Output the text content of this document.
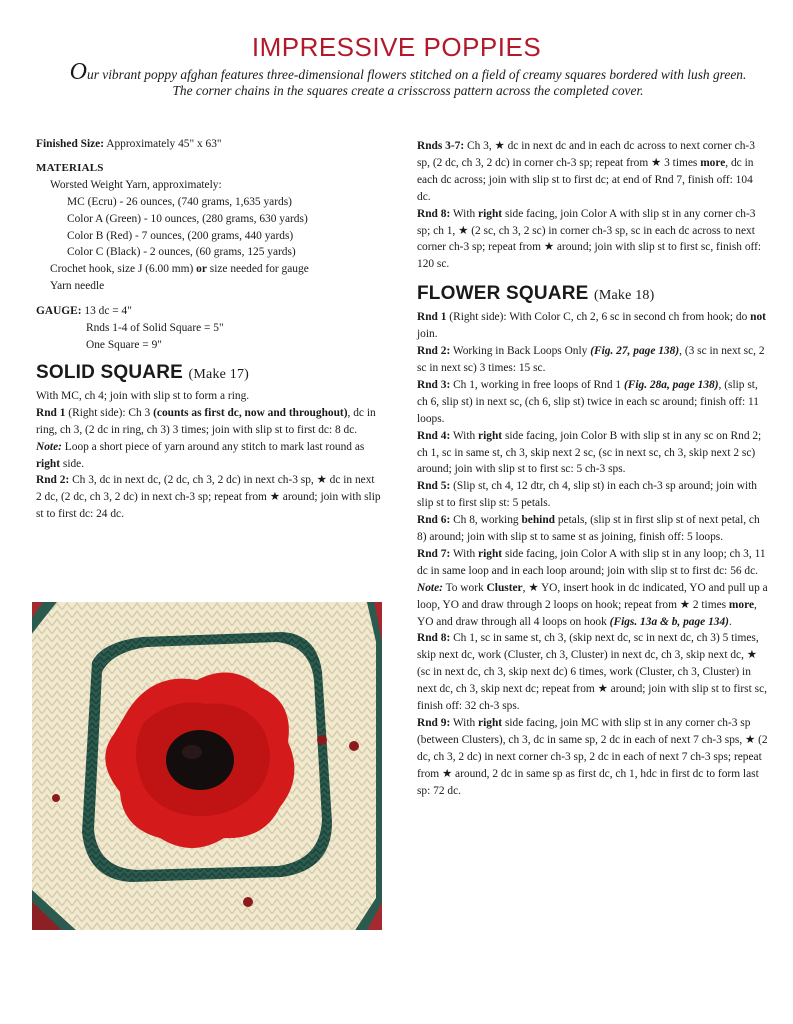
IMPRESSIVE POPPIES
Our vibrant poppy afghan features three-dimensional flowers stitched on a field of creamy squares bordered with lush green. The corner chains in the squares create a crisscross pattern across the completed cover.

Finished Size: Approximately 45" x 63"

MATERIALS

Worsted Weight Yarn, approximately:

MC (Ecru) - 26 ounces, (740 grams, 1,635 yards)

Color A (Green) - 10 ounces, (280 grams, 630 yards)

Color B (Red) - 7 ounces, (200 grams, 440 yards)

Color C (Black) - 2 ounces, (60 grams, 125 yards)

Crochet hook, size J (6.00 mm) or size needed for gauge

Yarn needle

GAUGE: 13 dc = 4"

Rnds 1-4 of Solid Square = 5"

One Square = 9"

SOLID SQUARE (Make 17)

With MC, ch 4; join with slip st to form a ring.

Rnd 1 (Right side): Ch 3 (counts as first dc, now and throughout), dc in ring, ch 3, (2 dc in ring, ch 3) 3 times; join with slip st to first dc: 8 dc.

Note: Loop a short piece of yarn around any stitch to mark last round as right side.

Rnd 2: Ch 3, dc in next dc, (2 dc, ch 3, 2 dc) in next ch-3 sp, ★ dc in next 2 dc, (2 dc, ch 3, 2 dc) in next ch-3 sp; repeat from ★ around; join with slip st to first dc: 24 dc.

Rnds 3-7: Ch 3, ★ dc in next dc and in each dc across to next corner ch-3 sp, (2 dc, ch 3, 2 dc) in corner ch-3 sp; repeat from ★ 3 times more, dc in each dc across; join with slip st to first dc; at end of Rnd 7, finish off: 104 dc.

Rnd 8: With right side facing, join Color A with slip st in any corner ch-3 sp; ch 1, ★ (2 sc, ch 3, 2 sc) in corner ch-3 sp, sc in each dc across to next corner ch-3 sp; repeat from ★ around; join with slip st to first sc, finish off: 120 sc.

FLOWER SQUARE (Make 18)

Rnd 1 (Right side): With Color C, ch 2, 6 sc in second ch from hook; do not join.

Rnd 2: Working in Back Loops Only (Fig. 27, page 138), (3 sc in next sc, 2 sc in next sc) 3 times: 15 sc.

Rnd 3: Ch 1, working in free loops of Rnd 1 (Fig. 28a, page 138), (slip st, ch 6, slip st) in next sc, (ch 6, slip st) twice in each sc around; finish off: 11 loops.

Rnd 4: With right side facing, join Color B with slip st in any sc on Rnd 2; ch 1, sc in same st, ch 3, skip next 2 sc, (sc in next sc, ch 3, skip next 2 sc) around; join with slip st to first sc: 5 ch-3 sps.

Rnd 5: (Slip st, ch 4, 12 dtr, ch 4, slip st) in each ch-3 sp around; join with slip st to first slip st: 5 petals.

Rnd 6: Ch 8, working behind petals, (slip st in first slip st of next petal, ch 8) around; join with slip st to same st as joining, finish off: 5 loops.

Rnd 7: With right side facing, join Color A with slip st in any loop; ch 3, 11 dc in same loop and in each loop around; join with slip st to first dc: 56 dc.

Note: To work Cluster, ★ YO, insert hook in dc indicated, YO and pull up a loop, YO and draw through 2 loops on hook; repeat from ★ 2 times more, YO and draw through all 4 loops on hook (Figs. 13a & b, page 134).

Rnd 8: Ch 1, sc in same st, ch 3, (skip next dc, sc in next dc, ch 3) 5 times, skip next dc, work (Cluster, ch 3, Cluster) in next dc, ch 3, skip next dc, ★ (sc in next dc, ch 3, skip next dc) 6 times, work (Cluster, ch 3, Cluster) in next dc, ch 3, skip next dc; repeat from ★ around; join with slip st to first sc, finish off: 32 ch-3 sps.

Rnd 9: With right side facing, join MC with slip st in any corner ch-3 sp (between Clusters), ch 3, dc in same sp, 2 dc in each of next 7 ch-3 sps, ★ (2 dc, ch 3, 2 dc) in next corner ch-3 sp, 2 dc in each of next 7 ch-3 sps; repeat from ★ around, 2 dc in same sp as first dc, ch 1, hdc in first dc to form last sp: 72 dc.
